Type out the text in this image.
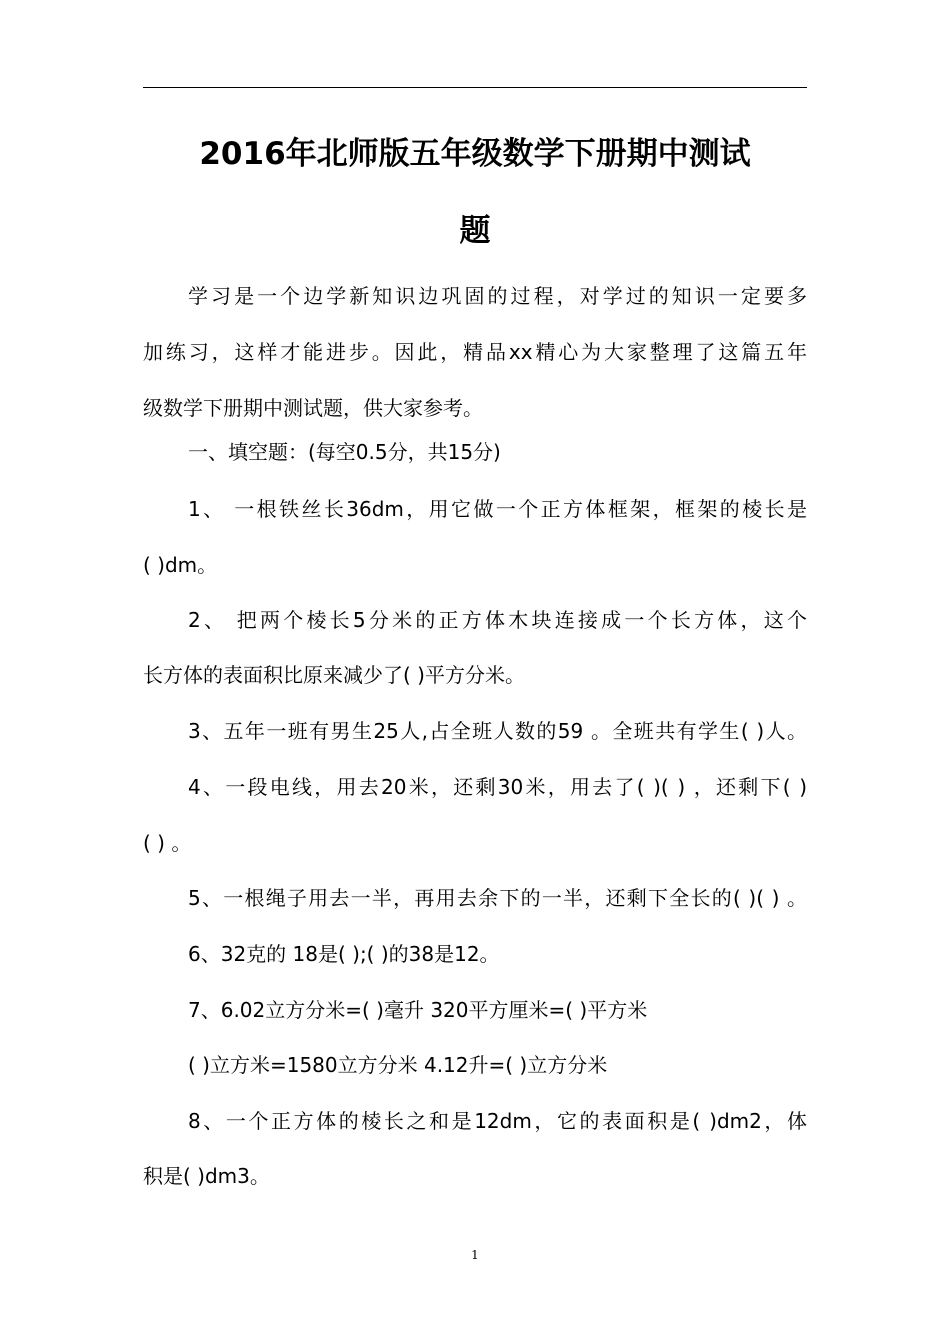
2016年北师版五年级数学下册期中测试
题
学习是一个边学新知识边巩固的过程，对学过的知识一定要多
加练习，这样才能进步。因此，精品xx精心为大家整理了这篇五年
级数学下册期中测试题，供大家参考。
一、填空题：(每空0.5分，共15分)
1、 一根铁丝长36dm，用它做一个正方体框架，框架的棱长是
( )dm。
2、 把两个棱长5分米的正方体木块连接成一个长方体，这个
长方体的表面积比原来减少了( )平方分米。
3、五年一班有男生25人,占全班人数的59 。全班共有学生( )人。
4、一段电线，用去20米，还剩30米，用去了( )( ) ，还剩下( )
( ) 。
5、一根绳子用去一半，再用去余下的一半，还剩下全长的( )( ) 。
6、32克的 18是( );( )的38是12。
7、6.02立方分米=( )毫升 320平方厘米=( )平方米
( )立方米=1580立方分米 4.12升=( )立方分米
8、一个正方体的棱长之和是12dm，它的表面积是( )dm2，体
积是( )dm3。
1
